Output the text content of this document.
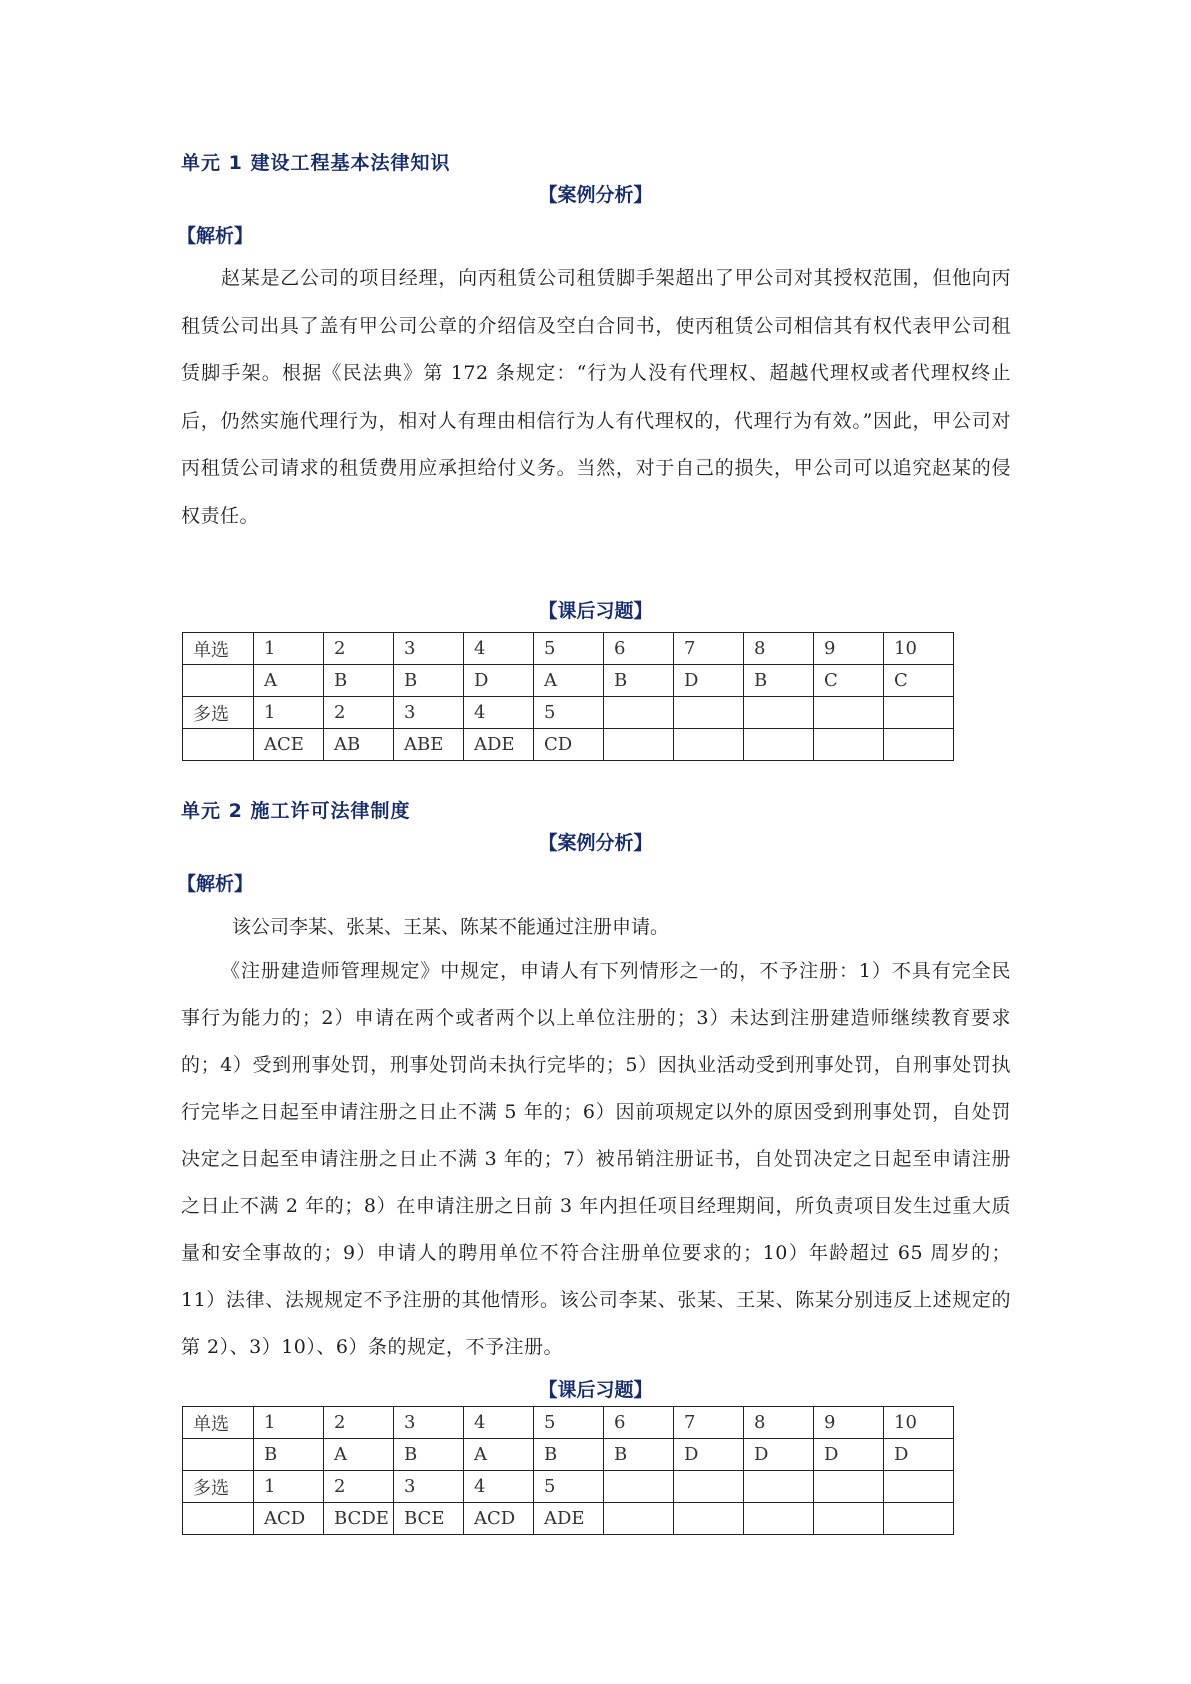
单元 1 建设工程基本法律知识
【案例分析】
【解析】

赵某是乙公司的项目经理，向丙租赁公司租赁脚手架超出了甲公司对其授权范围，但他向丙租赁公司出具了盖有甲公司公章的介绍信及空白合同书，使丙租赁公司相信其有权代表甲公司租赁脚手架。根据《民法典》第 172 条规定：“行为人没有代理权、超越代理权或者代理权终止后，仍然实施代理行为，相对人有理由相信行为人有代理权的，代理行为有效。”因此，甲公司对丙租赁公司请求的租赁费用应承担给付义务。当然，对于自己的损失，甲公司可以追究赵某的侵权责任。

【课后习题】
单选	1	2	3	4	5	6	7	8	9	10
	A	B	B	D	A	B	D	B	C	C
多选	1	2	3	4	5					
	ACE	AB	ABE	ADE	CD					
单元 2 施工许可法律制度
【案例分析】
【解析】

该公司李某、张某、王某、陈某不能通过注册申请。

《注册建造师管理规定》中规定，申请人有下列情形之一的，不予注册：1）不具有完全民事行为能力的；2）申请在两个或者两个以上单位注册的；3）未达到注册建造师继续教育要求的；4）受到刑事处罚，刑事处罚尚未执行完毕的；5）因执业活动受到刑事处罚，自刑事处罚执行完毕之日起至申请注册之日止不满 5 年的；6）因前项规定以外的原因受到刑事处罚，自处罚决定之日起至申请注册之日止不满 3 年的；7）被吊销注册证书，自处罚决定之日起至申请注册之日止不满 2 年的；8）在申请注册之日前 3 年内担任项目经理期间，所负责项目发生过重大质量和安全事故的；9）申请人的聘用单位不符合注册单位要求的；10）年龄超过 65 周岁的；11）法律、法规规定不予注册的其他情形。该公司李某、张某、王某、陈某分别违反上述规定的第 2）、3）10）、6）条的规定，不予注册。

【课后习题】
单选	1	2	3	4	5	6	7	8	9	10
	B	A	B	A	B	B	D	D	D	D
多选	1	2	3	4	5					
	ACD	BCDE	BCE	ACD	ADE					
